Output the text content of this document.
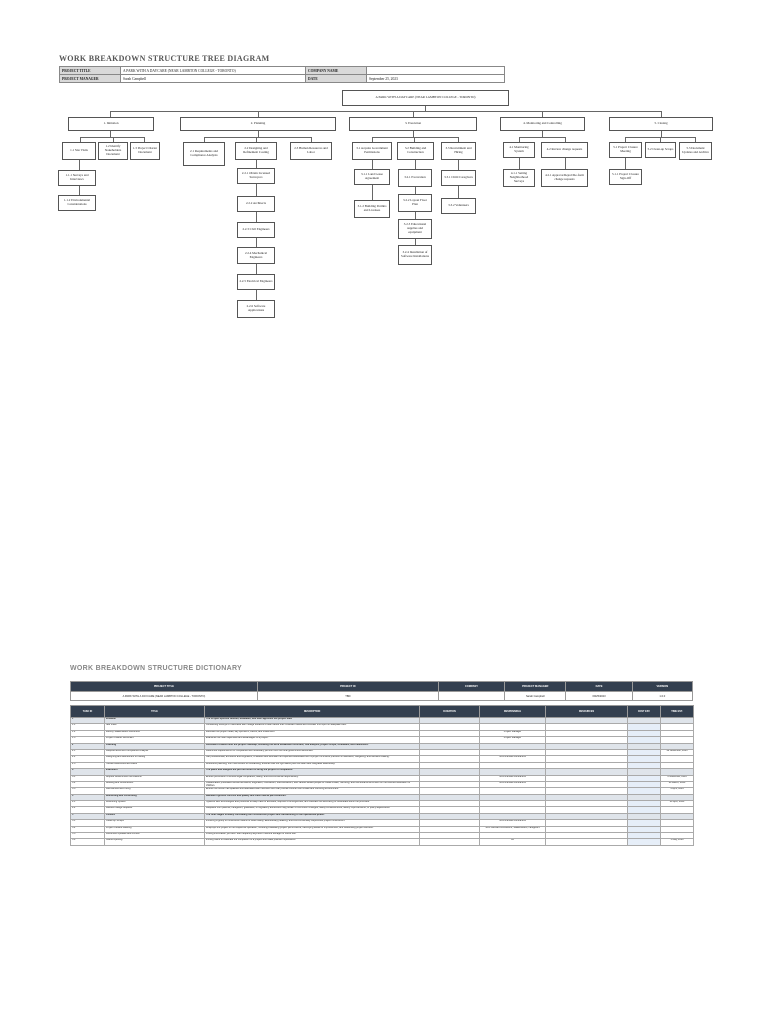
WORK BREAKDOWN STRUCTURE TREE DIAGRAM
PROJECT TITLE	A PARK WITH A DAYCARE (NEAR LAMBTON COLLEGE - TORONTO)	COMPANY NAME	
PROJECT MANAGER	Sarah Campbell	DATE	September 25, 2023
A PARK WITH A DAYCARE (NEAR LAMBTON COLLEGE - TORONTO)
1. Initiation
1.1 Site Visits
1.2 Identify Stakeholders Document
1.3 Project Charter Document
1.1.1 Surveys and Interviews
1.1.2 Environmental Considerations
2. Planning
2.1 Requirements and Compliance Analysis
2.2 Designing and Refinement Costing
2.3 Human Resources and Labor
2.2.1 Obtain Licensed Surveyors
2.2.2 Architects
2.2.3 Civil Engineers
2.2.4 Mechanical Engineers
2.2.5 Electrical Engineers
2.2.6 Software Applications
3. Execution
3.1 Acquire Government Permissions
3.2 Building and Construction
3.3 Recruitment and Hiring
3.1.1 Land Lease Agreement
3.1.2 Building Permits and Licenses
3.2.1 Excavation
3.2.2 Layout Floor Plan
3.2.3 Educational supplies and equipment
3.2.4 Installation of Software Installations
3.3.1 Child Caregivers
3.3.2 Volunteers
4. Monitoring and Controlling
4.1 Monitoring System	4.2 Review change requests
4.1.1 Setting Neighborhood Surveys
4.2.1 Approve/Reject/Re-form change requests
5. Closing
5.1 Project Closure Meeting	5.2 Clean-up Scraps	5.3 Document Updates and Archive
5.1.1 Project Closure Sign-Off
WORK BREAKDOWN STRUCTURE DICTIONARY
PROJECT TITLE	PROJECT ID	COMPANY	PROJECT MANAGER	DATE	VERSION
A PARK WITH A DAYCARE (NEAR LAMBTON COLLEGE - TORONTO)	TBD		Sarah Campbell	09/25/2023	1.0.0
TASK ID	TITLE	DESCRIPTION	DURATION	RESPONSIBLE	RESOURCES	COST EST.	TIME EST.
1	Initiation	The Project Sponsor defines, evaluates, and then approves the project idea.					
1.1	Site Visits	Conducting surveys or interviews with college students to learn about their childcare needs and consider this input for adequate care.					
1.2	Identify Stakeholders Document	Identifies the project head, key sponsors, clients, and influencers.		Project Manager			
1.3	Project Charter Document	Examines the main objectives and advantages of a project.		Project Manager			
2	Planning	Document creation with the project roadmap, including the work breakdown structure, risk analysis, project scope, schedules, and milestones.					
2.1	Requirements and Compliance Analysis	Determine requirements for compliance and necessary permits from the local government authorities.					28 November, 2023
2.2	Designing and Refinement of costing	Get professionals, architects and engineers, to assess and estimate the expenses associated with a project to ensure precision in allocation, budgeting, and decision-making.		50% licensed contractors			
2.3	Human Resources and Labor	Workforce planning, from recruitment to onboarding, ensures that the right talent joins the team and integrates seamlessly.					
3	Execution	The plans and budgets are put into action to bring the project to completion.					
3.1	Acquire Government Permissions	Ensure permission to ensure legal compliance, safety, and environmental responsibility.		50% licensed contractors			4 November, 2023
3.2	Building and Construction	Collaboration processes involve architects, engineers, contractors, subcontractors, and various skilled people to create a safe, nurturing, and functional environment for the kids and education of children.		50% licensed contractors			20 March, 2024
3.3	Recruitment and Hiring	Ensure the center has qualified and dedicated staff members who can provide children with a safe and nurturing environment.					4 April, 2024
4	Monitoring and Controlling	Maintain rigorous controls and quality and track overall performances.					
4.1	Monitoring System	Systems with technologies and protocols to keep track of activities, respond to emergencies, and maintain the well-being of individuals within the premises.					20 April, 2024
4.2	Review change requests	Requests from parents, caregivers, guardians, or regulatory authorities may pertain to curriculum changes, safety enhancements, facility improvements, or policy adjustments.					
5	Closure	The final stages formally concluding the construction project and transitioning to the operational phase.					
5.1	Clean-up Scraps	Involving a group of construction teams to clean safely, aesthetically pleasing, and environmentally responsible project construction.		50% licensed contractors			
5.2	Project Closure Meeting	Wrap-ups the project to the respective operation, including evaluating project performance, identifying areas for improvement, and celebrating project success.		50% licensed contractors, Stakeholders, caregivers			
5.3	Document Updates and Archive	Putting information you don't use frequently anymore in secure storage for future use.					
5.4	Grand Opening	Inviting users to celebrate the completion of a project and make positive impressions.		All			1 May, 2024
